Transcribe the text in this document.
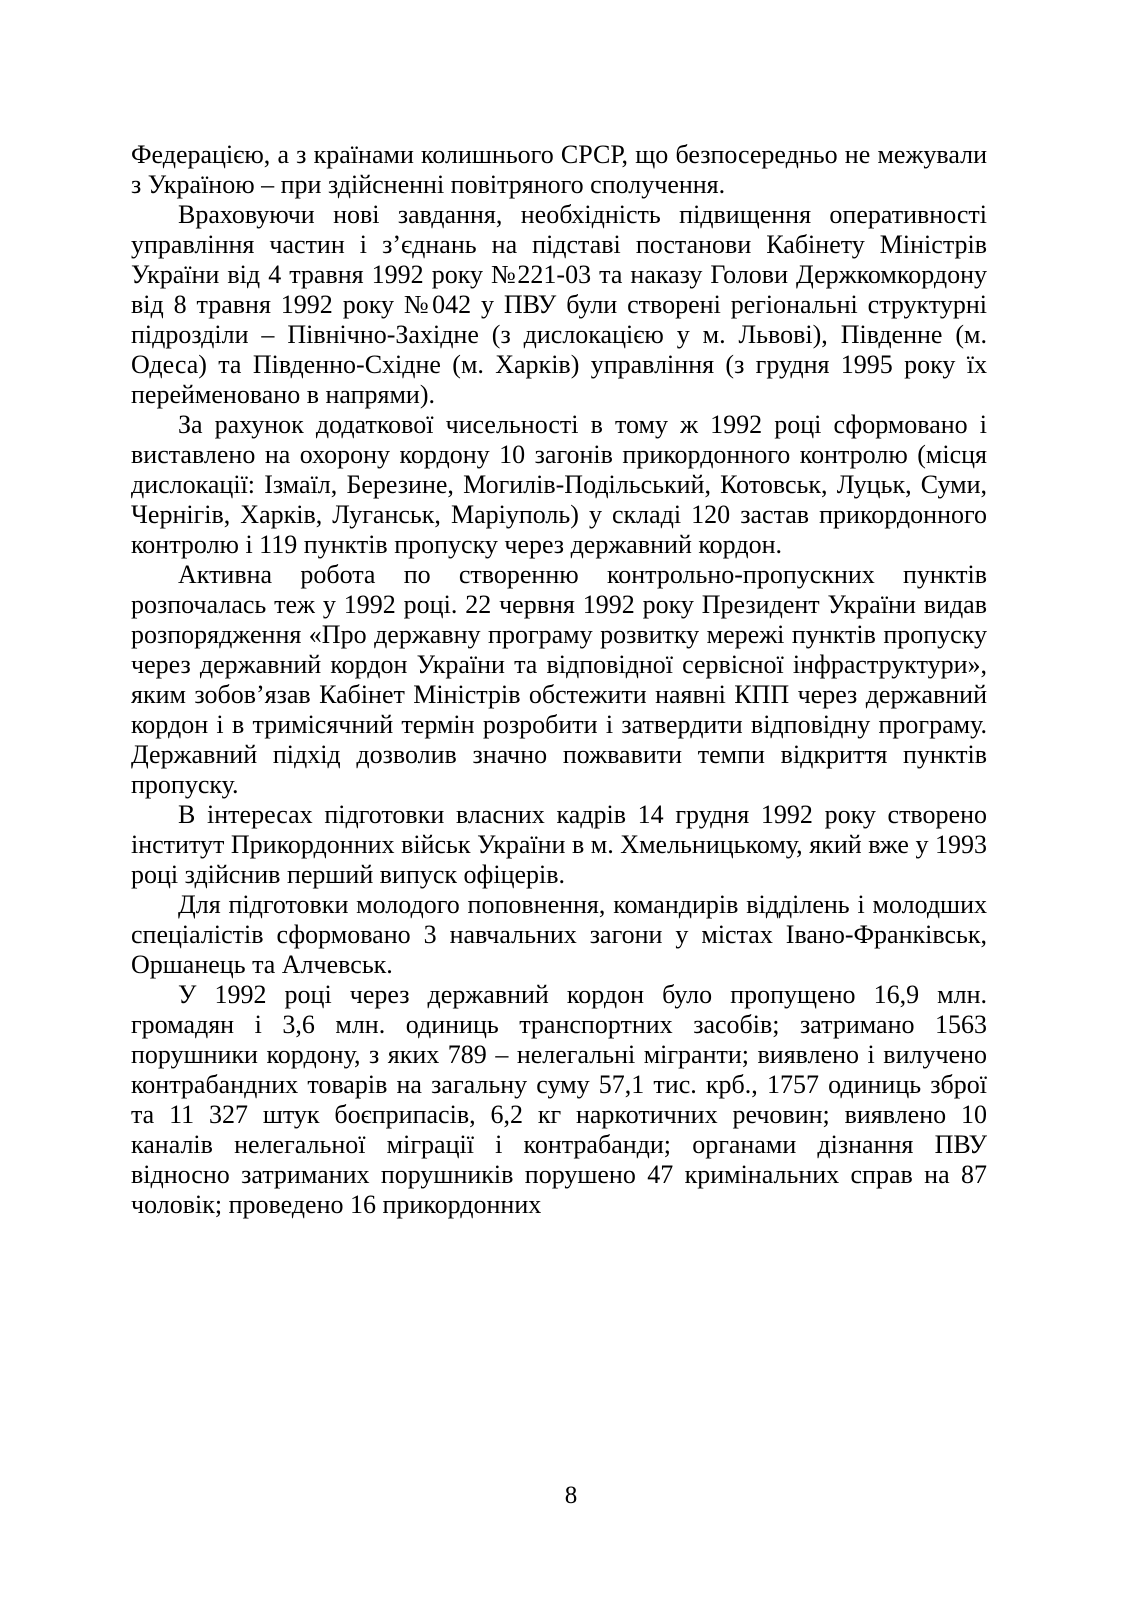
Федерацією, а з країнами колишнього СРСР, що безпосередньо не межували з Україною – при здійсненні повітряного сполучення.

Враховуючи нові завдання, необхідність підвищення оперативності управління частин і з’єднань на підставі постанови Кабінету Міністрів України від 4 травня 1992 року №221-03 та наказу Голови Держкомкордону від 8 травня 1992 року №042 у ПВУ були створені регіональні структурні підрозділи – Північно-Західне (з дислокацією у м. Львові), Південне (м. Одеса) та Південно-Східне (м. Харків) управління (з грудня 1995 року їх перейменовано в напрями).

За рахунок додаткової чисельності в тому ж 1992 році сформовано і виставлено на охорону кордону 10 загонів прикордонного контролю (місця дислокації: Ізмаїл, Березине, Могилів-Подільський, Котовськ, Луцьк, Суми, Чернігів, Харків, Луганськ, Маріуполь) у складі 120 застав прикордонного контролю і 119 пунктів пропуску через державний кордон.

Активна робота по створенню контрольно-пропускних пунктів розпочалась теж у 1992 році. 22 червня 1992 року Президент України видав розпорядження «Про державну програму розвитку мережі пунктів пропуску через державний кордон України та відповідної сервісної інфраструктури», яким зобов’язав Кабінет Міністрів обстежити наявні КПП через державний кордон і в тримісячний термін розробити і затвердити відповідну програму. Державний підхід дозволив значно пожвавити темпи відкриття пунктів пропуску.

В інтересах підготовки власних кадрів 14 грудня 1992 року створено інститут Прикордонних військ України в м. Хмельницькому, який вже у 1993 році здійснив перший випуск офіцерів.

Для підготовки молодого поповнення, командирів відділень і молодших спеціалістів сформовано 3 навчальних загони у містах Івано-Франківськ, Оршанець та Алчевськ.

У 1992 році через державний кордон було пропущено 16,9 млн. громадян і 3,6 млн. одиниць транспортних засобів; затримано 1563 порушники кордону, з яких 789 – нелегальні мігранти; виявлено і вилучено контрабандних товарів на загальну суму 57,1 тис. крб., 1757 одиниць зброї та 11 327 штук боєприпасів, 6,2 кг наркотичних речовин; виявлено 10 каналів нелегальної міграції і контрабанди; органами дізнання ПВУ відносно затриманих порушників порушено 47 кримінальних справ на 87 чоловік; проведено 16 прикордонних

8
